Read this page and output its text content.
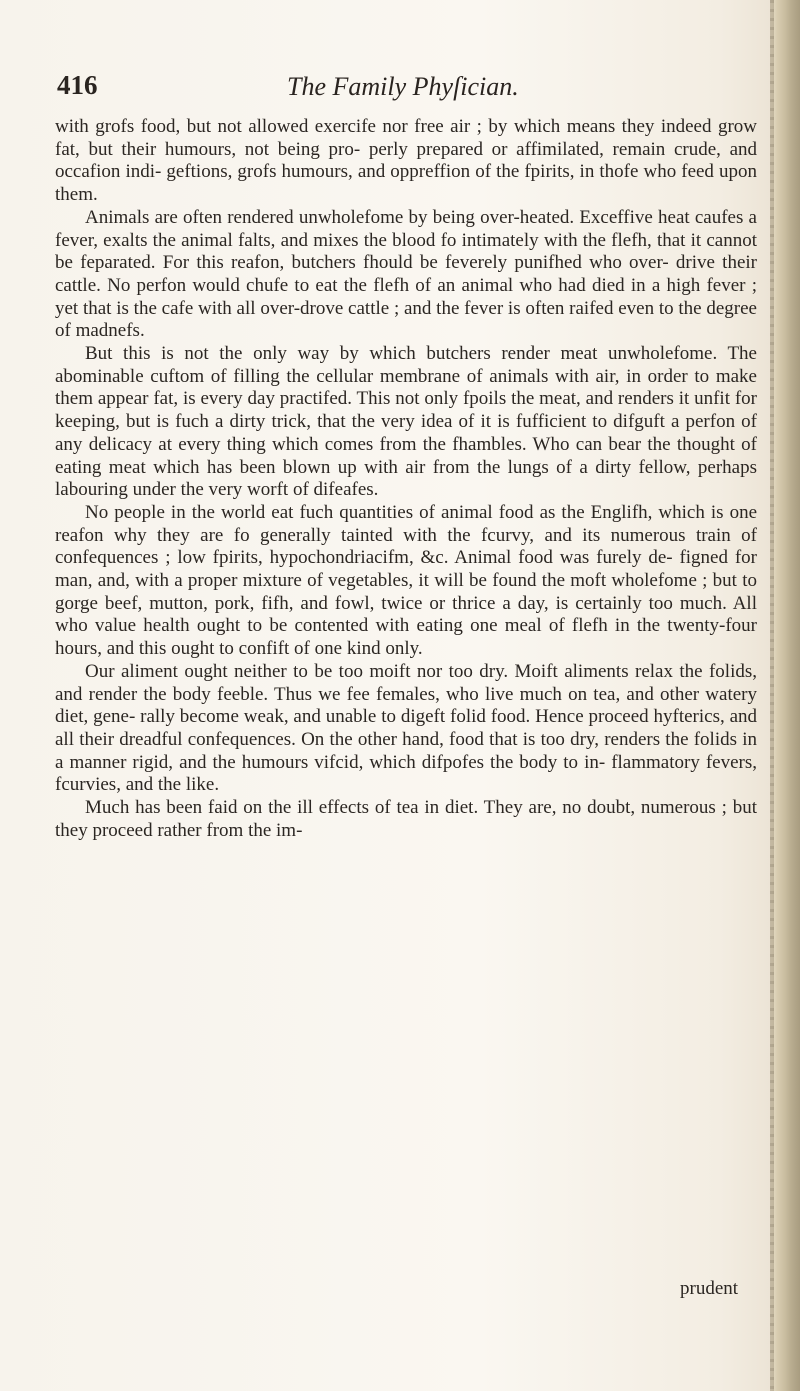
416	The Family Phyſician.

with grofs food, but not allowed exercife nor free air ; by which means they indeed grow fat, but their humours, not being pro- perly prepared or affimilated, remain crude, and occafion indi- geftions, grofs humours, and oppreffion of the fpirits, in thofe who feed upon them.

Animals are often rendered unwholefome by being over-heated. Exceffive heat caufes a fever, exalts the animal falts, and mixes the blood fo intimately with the flefh, that it cannot be feparated. For this reafon, butchers fhould be feverely punifhed who over- drive their cattle. No perfon would chufe to eat the flefh of an animal who had died in a high fever ; yet that is the cafe with all over-drove cattle ; and the fever is often raifed even to the degree of madnefs.

But this is not the only way by which butchers render meat unwholefome. The abominable cuftom of filling the cellular membrane of animals with air, in order to make them appear fat, is every day practifed. This not only fpoils the meat, and renders it unfit for keeping, but is fuch a dirty trick, that the very idea of it is fufficient to difguft a perfon of any delicacy at every thing which comes from the fhambles. Who can bear the thought of eating meat which has been blown up with air from the lungs of a dirty fellow, perhaps labouring under the very worft of difeafes.

No people in the world eat fuch quantities of animal food as the Englifh, which is one reafon why they are fo generally tainted with the fcurvy, and its numerous train of confequences ; low fpirits, hypochondriacifm, &c. Animal food was furely de- figned for man, and, with a proper mixture of vegetables, it will be found the moft wholefome ; but to gorge beef, mutton, pork, fifh, and fowl, twice or thrice a day, is certainly too much. All who value health ought to be contented with eating one meal of flefh in the twenty-four hours, and this ought to confift of one kind only.

Our aliment ought neither to be too moift nor too dry. Moift aliments relax the folids, and render the body feeble. Thus we fee females, who live much on tea, and other watery diet, gene- rally become weak, and unable to digeft folid food. Hence proceed hyfterics, and all their dreadful confequences. On the other hand, food that is too dry, renders the folids in a manner rigid, and the humours vifcid, which difpofes the body to in- flammatory fevers, fcurvies, and the like.

Much has been faid on the ill effects of tea in diet. They are, no doubt, numerous ; but they proceed rather from the im-

prudent
